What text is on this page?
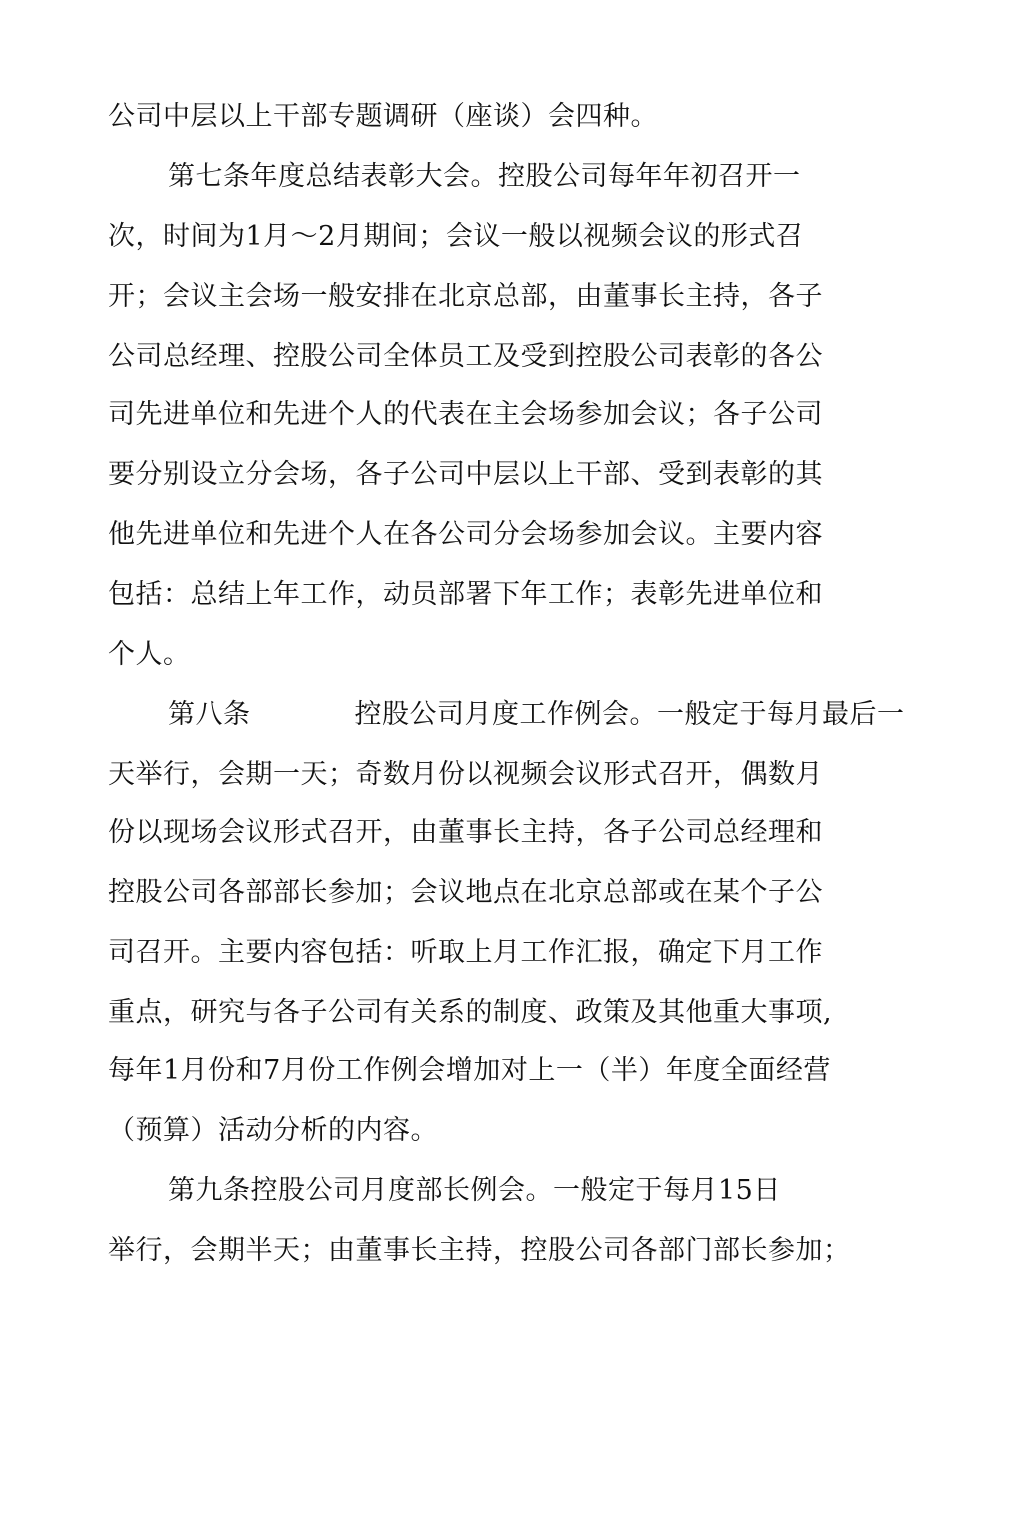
公司中层以上干部专题调研（座谈）会四种。
第七条年度总结表彰大会。控股公司每年年初召开一
次，时间为1月～2月期间；会议一般以视频会议的形式召
开；会议主会场一般安排在北京总部，由董事长主持，各子
公司总经理、控股公司全体员工及受到控股公司表彰的各公
司先进单位和先进个人的代表在主会场参加会议；各子公司
要分别设立分会场，各子公司中层以上干部、受到表彰的其
他先进单位和先进个人在各公司分会场参加会议。主要内容
包括：总结上年工作，动员部署下年工作；表彰先进单位和
个人。
第八条	控股公司月度工作例会。一般定于每月最后一
天举行，会期一天；奇数月份以视频会议形式召开，偶数月
份以现场会议形式召开，由董事长主持，各子公司总经理和
控股公司各部部长参加；会议地点在北京总部或在某个子公
司召开。主要内容包括：听取上月工作汇报，确定下月工作
重点，研究与各子公司有关系的制度、政策及其他重大事项,
每年1月份和7月份工作例会增加对上一（半）年度全面经营
（预算）活动分析的内容。
第九条控股公司月度部长例会。一般定于每月15日
举行，会期半天；由董事长主持，控股公司各部门部长参加；
